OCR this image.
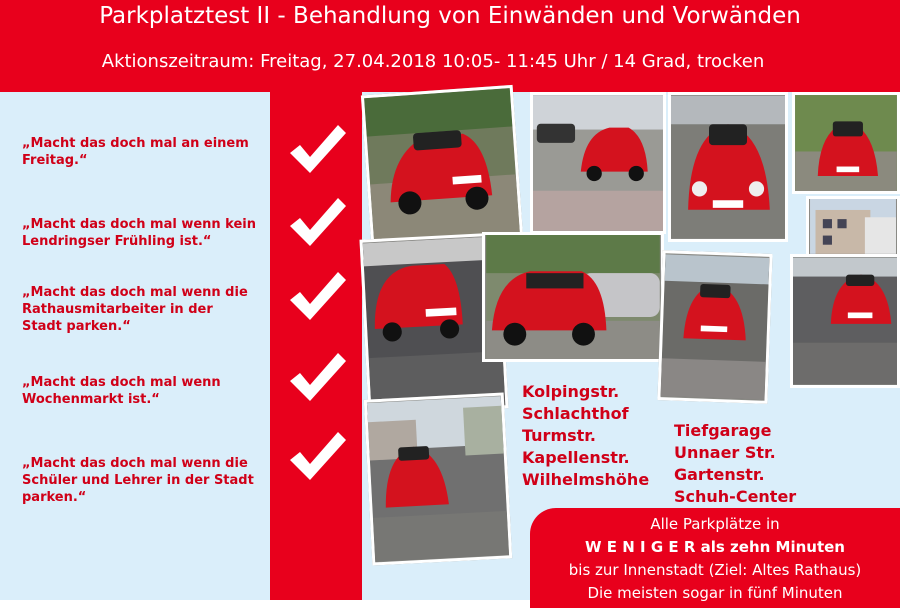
Parkplatztest II - Behandlung von Einwänden und Vorwänden
Aktionszeitraum: Freitag, 27.04.2018 10:05- 11:45 Uhr / 14 Grad, trocken
„Macht das doch mal an einem Freitag.“
„Macht das doch mal wenn kein Lendringser Frühling ist.“
„Macht das doch mal wenn die Rathausmitarbeiter in der Stadt parken.“
„Macht das doch mal wenn Wochenmarkt ist.“
„Macht das doch mal wenn die Schüler und Lehrer in der Stadt parken.“
Kolpingstr.
Schlachthof
Turmstr.
Kapellenstr.
Wilhelmshöhe
Tiefgarage
Unnaer Str.
Gartenstr.
Schuh-Center
Alle Parkplätze in
W E N I G E R als zehn Minuten
bis zur Innenstadt (Ziel: Altes Rathaus)
Die meisten sogar in fünf Minuten
